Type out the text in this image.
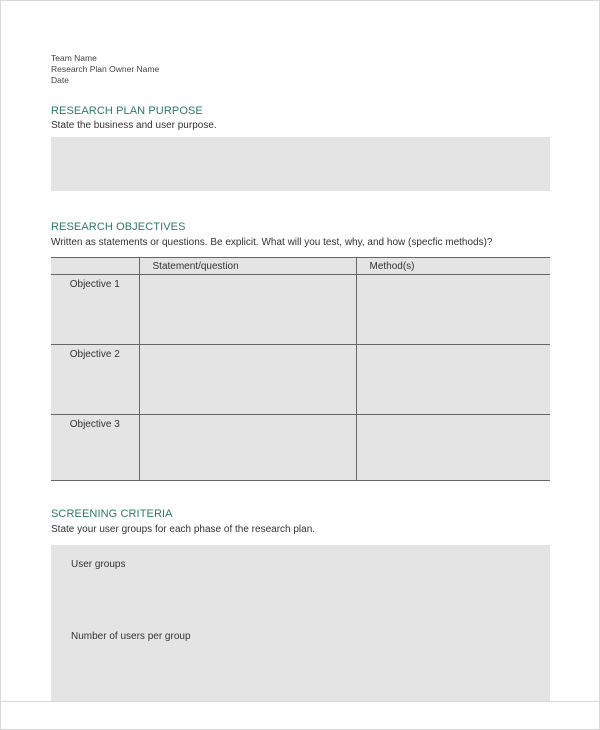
Team Name
Research Plan Owner Name
Date
RESEARCH PLAN PURPOSE
State the business and user purpose.
RESEARCH OBJECTIVES
Written as statements or questions. Be explicit. What will you test, why, and how (specfic methods)?
	Statement/question	Method(s)
Objective 1		
Objective 2		
Objective 3		
SCREENING CRITERIA
State your user groups for each phase of the research plan.
User groups
Number of users per group
